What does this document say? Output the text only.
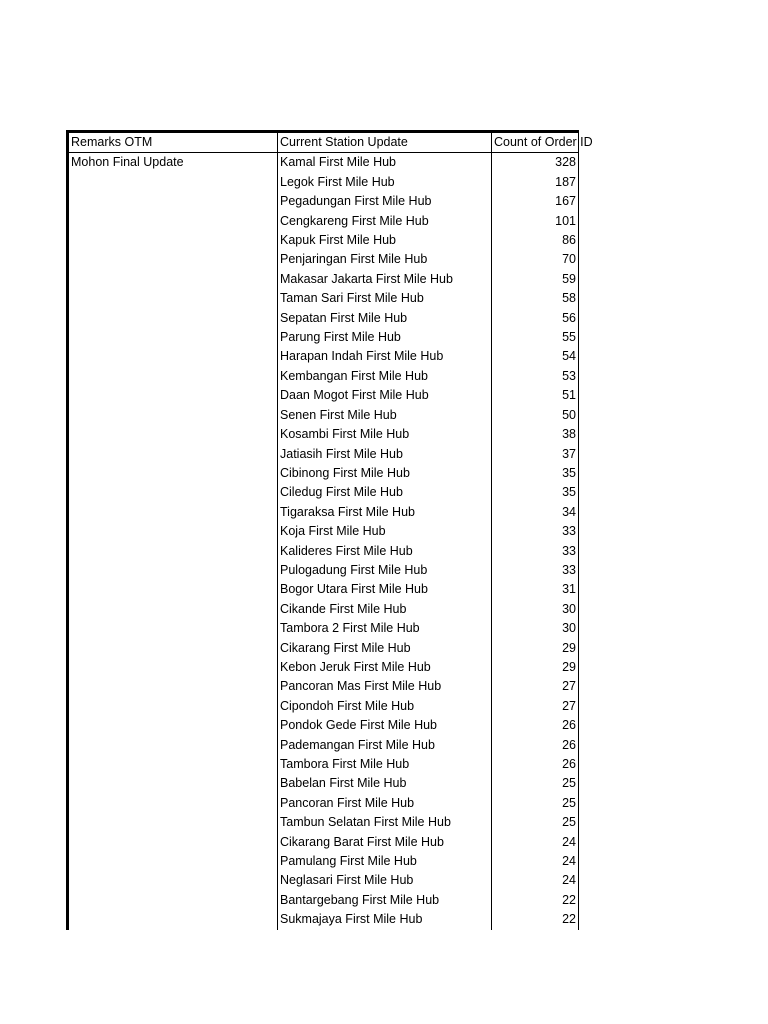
Remarks OTM	Current Station Update	Count of Order ID
Mohon Final Update	Kamal First Mile Hub	328
	Legok First Mile Hub	187
	Pegadungan First Mile Hub	167
	Cengkareng First Mile Hub	101
	Kapuk First Mile Hub	86
	Penjaringan First Mile Hub	70
	Makasar Jakarta First Mile Hub	59
	Taman Sari First Mile Hub	58
	Sepatan First Mile Hub	56
	Parung First Mile Hub	55
	Harapan Indah First Mile Hub	54
	Kembangan First Mile Hub	53
	Daan Mogot First Mile Hub	51
	Senen First Mile Hub	50
	Kosambi First Mile Hub	38
	Jatiasih First Mile Hub	37
	Cibinong First Mile Hub	35
	Ciledug First Mile Hub	35
	Tigaraksa First Mile Hub	34
	Koja First Mile Hub	33
	Kalideres First Mile Hub	33
	Pulogadung First Mile Hub	33
	Bogor Utara First Mile Hub	31
	Cikande First Mile Hub	30
	Tambora 2 First Mile Hub	30
	Cikarang First Mile Hub	29
	Kebon Jeruk First Mile Hub	29
	Pancoran Mas First Mile Hub	27
	Cipondoh First Mile Hub	27
	Pondok Gede First Mile Hub	26
	Pademangan First Mile Hub	26
	Tambora First Mile Hub	26
	Babelan First Mile Hub	25
	Pancoran First Mile Hub	25
	Tambun Selatan First Mile Hub	25
	Cikarang Barat First Mile Hub	24
	Pamulang First Mile Hub	24
	Neglasari First Mile Hub	24
	Bantargebang First Mile Hub	22
	Sukmajaya First Mile Hub	22
